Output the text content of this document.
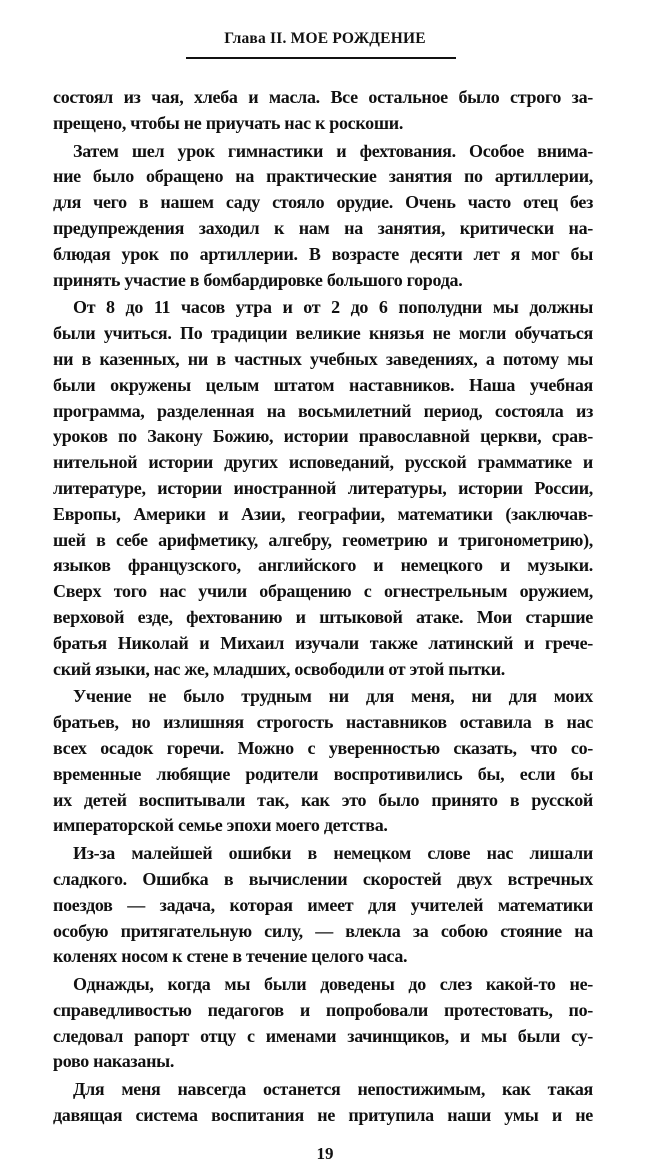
Глава II. МОЕ РОЖДЕНИЕ
состоял из чая, хлеба и масла. Все остальное было строго за-
прещено, чтобы не приучать нас к роскоши.
Затем шел урок гимнастики и фехтования. Особое внима-
ние было обращено на практические занятия по артиллерии,
для чего в нашем саду стояло орудие. Очень часто отец без
предупреждения заходил к нам на занятия, критически на-
блюдая урок по артиллерии. В возрасте десяти лет я мог бы
принять участие в бомбардировке большого города.
От 8 до 11 часов утра и от 2 до 6 пополудни мы должны
были учиться. По традиции великие князья не могли обучаться
ни в казенных, ни в частных учебных заведениях, а потому мы
были окружены целым штатом наставников. Наша учебная
программа, разделенная на восьмилетний период, состояла из
уроков по Закону Божию, истории православной церкви, срав-
нительной истории других исповеданий, русской грамматике и
литературе, истории иностранной литературы, истории России,
Европы, Америки и Азии, географии, математики (заключав-
шей в себе арифметику, алгебру, геометрию и тригонометрию),
языков французского, английского и немецкого и музыки.
Сверх того нас учили обращению с огнестрельным оружием,
верховой езде, фехтованию и штыковой атаке. Мои старшие
братья Николай и Михаил изучали также латинский и грече-
ский языки, нас же, младших, освободили от этой пытки.
Учение не было трудным ни для меня, ни для моих
братьев, но излишняя строгость наставников оставила в нас
всех осадок горечи. Можно с уверенностью сказать, что со-
временные любящие родители воспротивились бы, если бы
их детей воспитывали так, как это было принято в русской
императорской семье эпохи моего детства.
Из-за малейшей ошибки в немецком слове нас лишали
сладкого. Ошибка в вычислении скоростей двух встречных
поездов — задача, которая имеет для учителей математики
особую притягательную силу, — влекла за собою стояние на
коленях носом к стене в течение целого часа.
Однажды, когда мы были доведены до слез какой-то не-
справедливостью педагогов и попробовали протестовать, по-
следовал рапорт отцу с именами зачинщиков, и мы были су-
рово наказаны.
Для меня навсегда останется непостижимым, как такая
давящая система воспитания не притупила наши умы и не
19
